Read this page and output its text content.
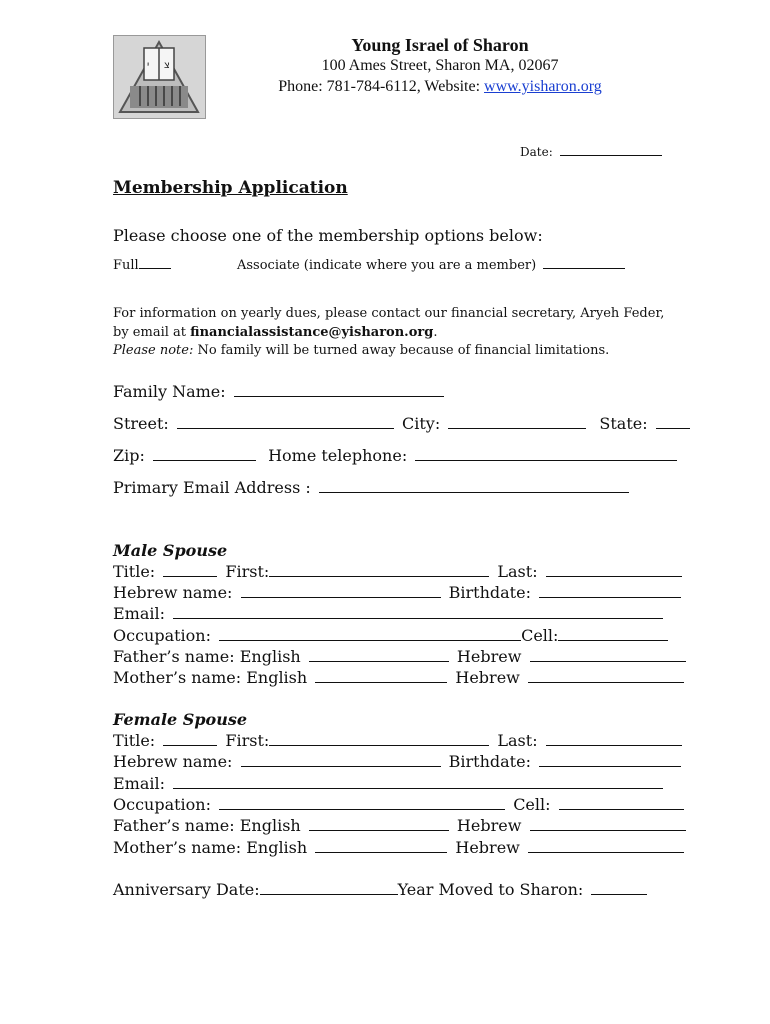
י צ
Young Israel of Sharon
100 Ames Street, Sharon MA, 02067
Phone: 781-784-6112, Website: www.yisharon.org
Date:
Membership Application
Please choose one of the membership options below:
Full	Associate (indicate where you are a member)
For information on yearly dues, please contact our financial secretary, Aryeh Feder,
by email at financialassistance@yisharon.org.
Please note: No family will be turned away because of financial limitations.
Family Name:
Street:	City:	State:
Zip:	Home telephone:
Primary Email Address :
Male Spouse
Title:	First:	Last:
Hebrew name:	Birthdate:
Email:
Occupation:	Cell:
Father’s name: English	Hebrew
Mother’s name: English	Hebrew
Female Spouse
Title:	First:	Last:
Hebrew name:	Birthdate:
Email:
Occupation:	Cell:
Father’s name: English	Hebrew
Mother’s name: English	Hebrew
Anniversary Date:	Year Moved to Sharon:
